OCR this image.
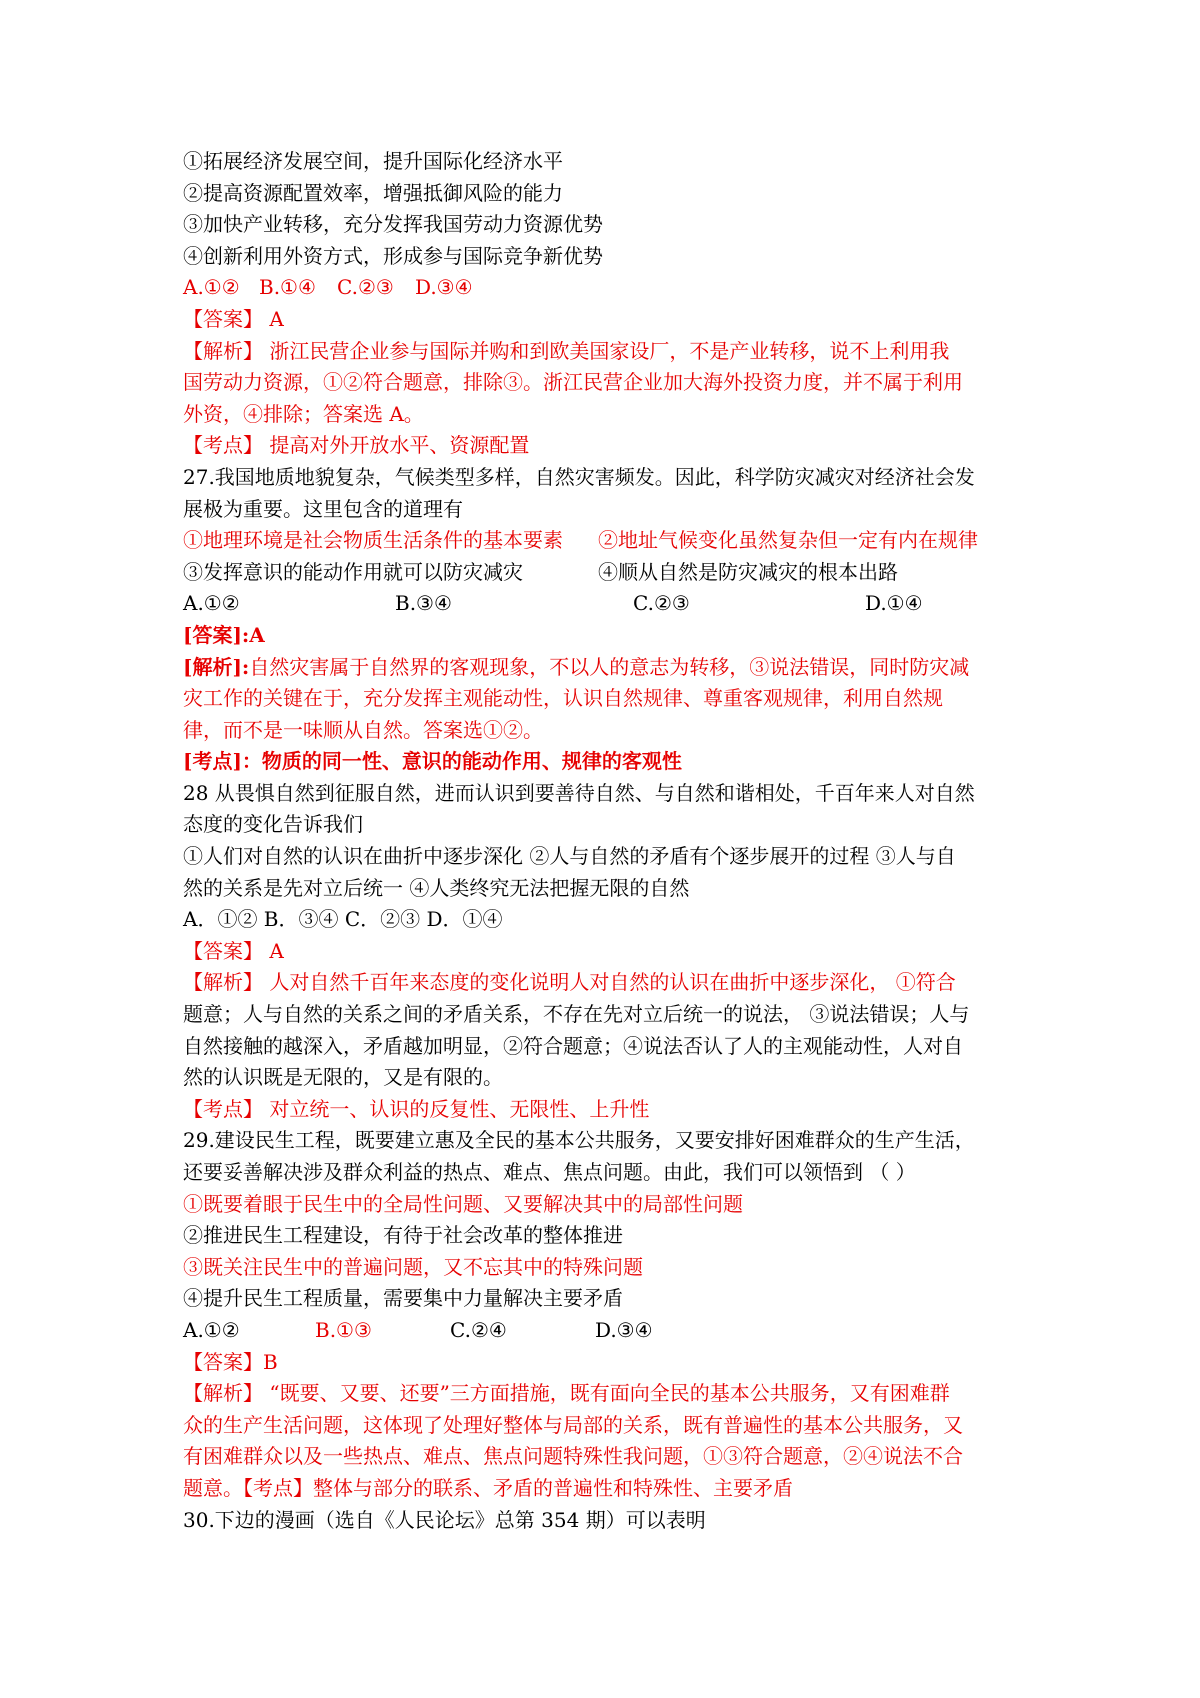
①拓展经济发展空间，提升国际化经济水平
②提高资源配置效率，增强抵御风险的能力
③加快产业转移，充分发挥我国劳动力资源优势
④创新利用外资方式，形成参与国际竞争新优势
A.①② B.①④ C.②③ D.③④
【答案】 A
【解析】 浙江民营企业参与国际并购和到欧美国家设厂，不是产业转移，说不上利用我
国劳动力资源，①②符合题意，排除③。浙江民营企业加大海外投资力度，并不属于利用
外资，④排除；答案选 A。
【考点】 提高对外开放水平、资源配置
27.我国地质地貌复杂，气候类型多样，自然灾害频发。因此，科学防灾减灾对经济社会发
展极为重要。这里包含的道理有
①地理环境是社会物质生活条件的基本要素 ②地址气候变化虽然复杂但一定有内在规律
③发挥意识的能动作用就可以防灾减灾	④顺从自然是防灾减灾的根本出路
A.①②	B.③④	C.②③	D.①④
[答案]:A
[解析]:自然灾害属于自然界的客观现象，不以人的意志为转移，③说法错误，同时防灾减
灾工作的关键在于，充分发挥主观能动性，认识自然规律、尊重客观规律，利用自然规
律，而不是一味顺从自然。答案选①②。
[考点]：物质的同一性、意识的能动作用、规律的客观性
28 从畏惧自然到征服自然，进而认识到要善待自然、与自然和谐相处，千百年来人对自然
态度的变化告诉我们
①人们对自然的认识在曲折中逐步深化 ②人与自然的矛盾有个逐步展开的过程 ③人与自
然的关系是先对立后统一 ④人类终究无法把握无限的自然
A．①② B．③④ C．②③ D．①④
【答案】 A
【解析】 人对自然千百年来态度的变化说明人对自然的认识在曲折中逐步深化， ①符合
题意；人与自然的关系之间的矛盾关系，不存在先对立后统一的说法， ③说法错误；人与
自然接触的越深入，矛盾越加明显，②符合题意；④说法否认了人的主观能动性，人对自
然的认识既是无限的，又是有限的。
【考点】 对立统一、认识的反复性、无限性、上升性
29.建设民生工程，既要建立惠及全民的基本公共服务，又要安排好困难群众的生产生活，
还要妥善解决涉及群众利益的热点、难点、焦点问题。由此，我们可以领悟到 （ ）
①既要着眼于民生中的全局性问题、又要解决其中的局部性问题
②推进民生工程建设，有待于社会改革的整体推进
③既关注民生中的普遍问题，又不忘其中的特殊问题
④提升民生工程质量，需要集中力量解决主要矛盾
A.①②	B.①③	C.②④	D.③④
【答案】B
【解析】 “既要、又要、还要”三方面措施，既有面向全民的基本公共服务，又有困难群
众的生产生活问题，这体现了处理好整体与局部的关系，既有普遍性的基本公共服务，又
有困难群众以及一些热点、难点、焦点问题特殊性我问题，①③符合题意，②④说法不合
题意。【考点】整体与部分的联系、矛盾的普遍性和特殊性、主要矛盾
30.下边的漫画（选自《人民论坛》总第 354 期）可以表明
